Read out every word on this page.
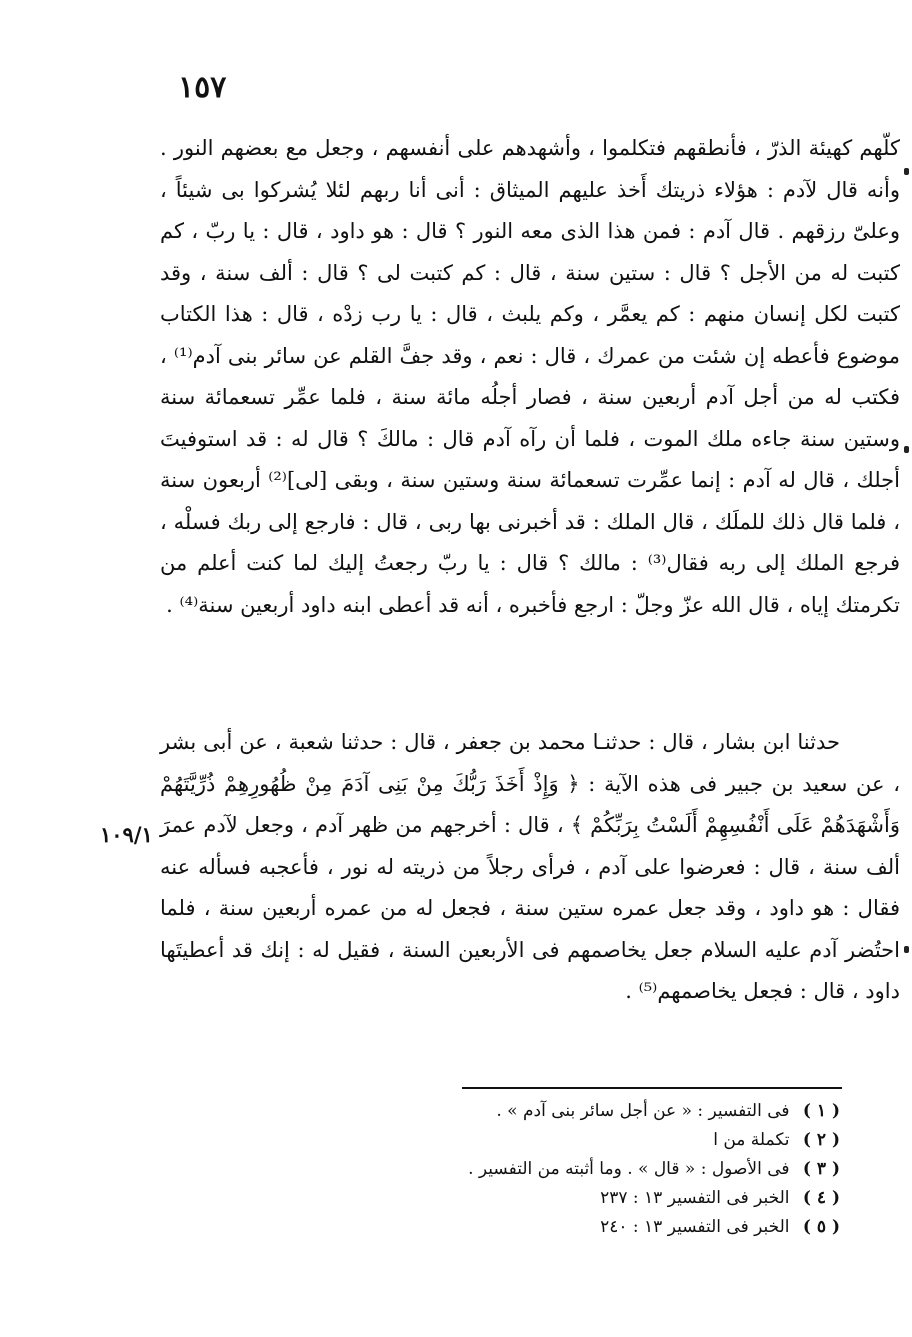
١٥٧

كلّهم كهيئة الذرّ ، فأنطقهم فتكلموا ، وأشهدهم على أنفسهم ، وجعل مع بعضهم النور . وأنه قال لآدم : هؤلاء ذريتك أَخذ عليهم الميثاق : أنى أنا ربهم لئلا يُشركوا بى شيئاً ، وعلىّ رزقهم . قال آدم : فمن هذا الذى معه النور ؟ قال : هو داود ، قال : يا ربّ ، كم كتبت له من الأجل ؟ قال : ستين سنة ، قال : كم كتبت لى ؟ قال : ألف سنة ، وقد كتبت لكل إنسان منهم : كم يعمَّر ، وكم يلبث ، قال : يا رب زدْه ، قال : هذا الكتاب موضوع فأعطه إن شئت من عمرك ، قال : نعم ، وقد جفَّ القلم عن سائر بنى آدم⁽¹⁾ ، فكتب له من أجل آدم أربعين سنة ، فصار أجلُه مائة سنة ، فلما عمِّر تسعمائة سنة وستين سنة جاءه ملك الموت ، فلما أن رآه آدم قال : مالكَ ؟ قال له : قد استوفيتَ أجلك ، قال له آدم : إنما عمِّرت تسعمائة سنة وستين سنة ، وبقى [لى]⁽²⁾ أربعون سنة ، فلما قال ذلك للملَك ، قال الملك : قد أخبرنى بها ربى ، قال : فارجع إلى ربك فسلْه ، فرجع الملك إلى ربه فقال⁽³⁾ : مالك ؟ قال : يا ربّ رجعتُ إليك لما كنت أعلم من تكرمتك إياه ، قال الله عزّ وجلّ : ارجع فأخبره ، أنه قد أعطى ابنه داود أربعين سنة⁽⁴⁾ .

حدثنا ابن بشار ، قال : حدثنـا محمد بن جعفر ، قال : حدثنا شعبة ، عن أبى بشر ، عن سعيد بن جبير فى هذه الآية : ﴿ وَإِذْ أَخَذَ رَبُّكَ مِنْ بَنِى آدَمَ مِنْ ظُهُورِهِمْ ذُرِّيَّتَهُمْ وَأَشْهَدَهُمْ عَلَى أَنْفُسِهِمْ أَلَسْتُ بِرَبِّكُمْ ﴾ ، قال : أخرجهم من ظهر آدم ، وجعل لآدم عمرَ ألف سنة ، قال : فعرضوا على آدم ، فرأى رجلاً من ذريته له نور ، فأعجبه فسأله عنه فقال : هو داود ، وقد جعل عمره ستين سنة ، فجعل له من عمره أربعين سنة ، فلما احتُضر آدم عليه السلام جعل يخاصمهم فى الأربعين السنة ، فقيل له : إنك قد أعطيتَها داود ، قال : فجعل يخاصمهم⁽⁵⁾ .

١٠٩/١
( ١ ) فى التفسير : « عن أجل سائر بنى آدم » .
( ٢ ) تكملة من ا
( ٣ ) فى الأصول : « قال » . وما أثبته من التفسير .
( ٤ ) الخبر فى التفسير ١٣ : ٢٣٧
( ٥ ) الخبر فى التفسير ١٣ : ٢٤٠
